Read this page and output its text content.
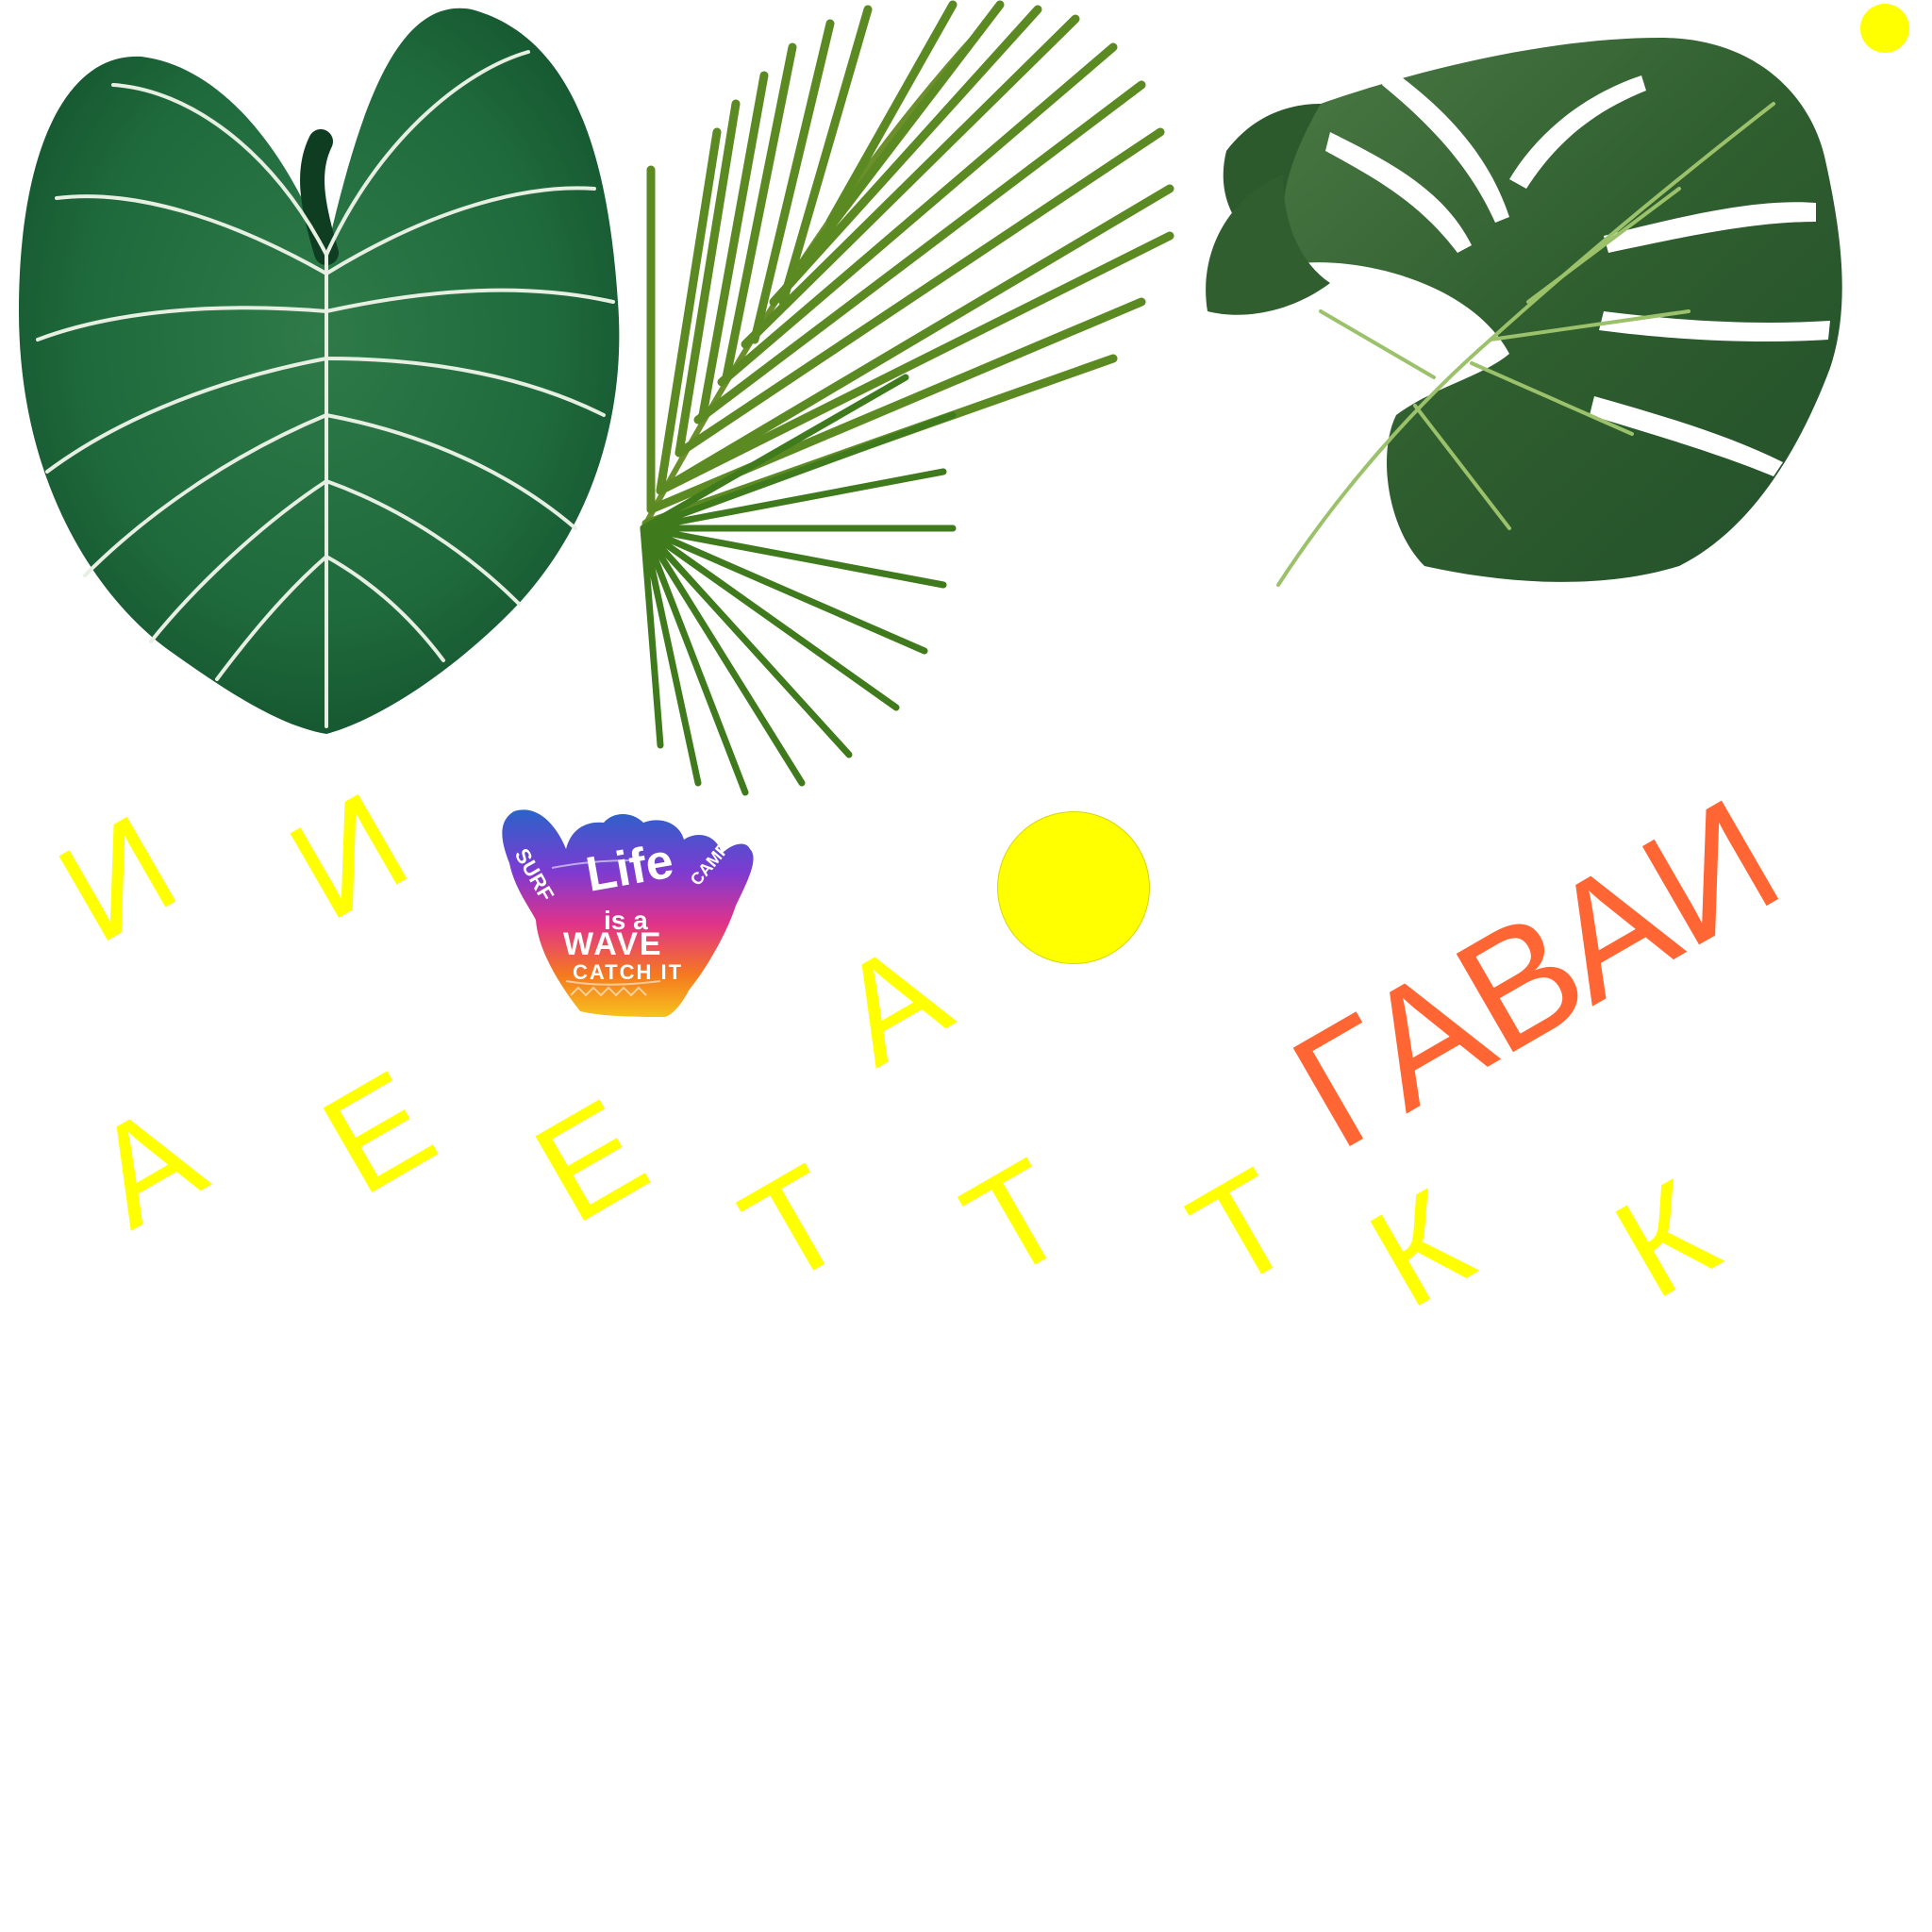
SURF Life CAMP
is a
WAVE
CATCH IT	ГАВАИ
И И
А
А Е Е Т Т Т К К
